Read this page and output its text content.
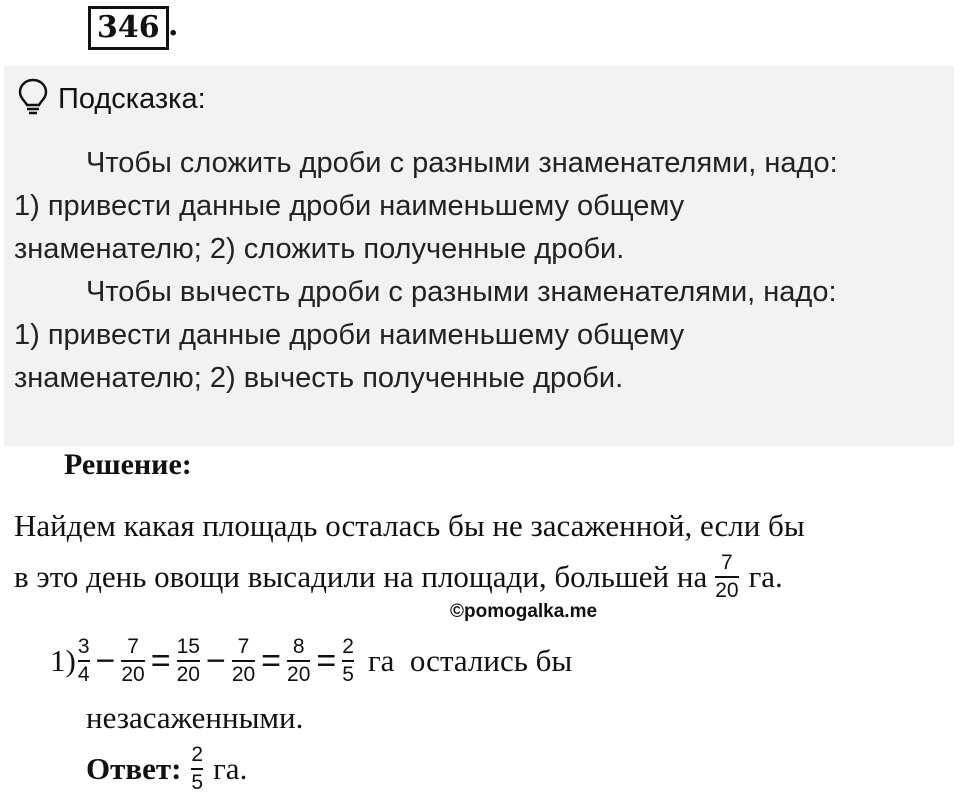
346 .
Подсказка:

Чтобы сложить дроби с разными знаменателями, надо:

1) привести данные дроби наименьшему общему

знаменателю; 2) сложить полученные дроби.

Чтобы вычесть дроби с разными знаменателями, надо:

1) привести данные дроби наименьшему общему

знаменателю; 2) вычесть полученные дроби.

Решение:
Найдем какая площадь осталась бы не засаженной, если бы
в это день овощи высадили на площади, большей на $\frac{7}{20}$ га.
©pomogalka.me
$1) \frac{3}{4} - \frac{7}{20} = \frac{15}{20} - \frac{7}{20} = \frac{8}{20} = \frac{2}{5}$ га  остались бы
незасаженными.
Ответ: $\frac{2}{5}$ га.
